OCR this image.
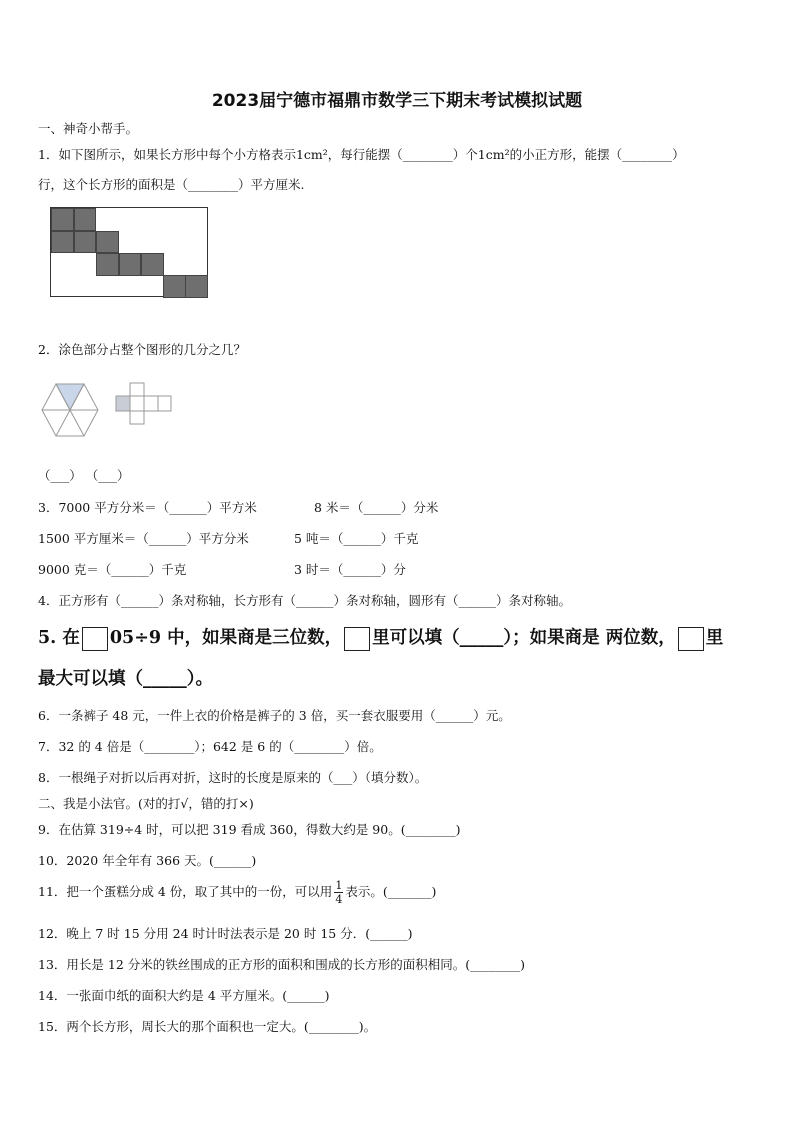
2023届宁德市福鼎市数学三下期末考试模拟试题
一、神奇小帮手。
1．如下图所示，如果长方形中每个小方格表示1cm²，每行能摆（________）个1cm²的小正方形，能摆（________）
行，这个长方形的面积是（________）平方厘米.
2．涂色部分占整个图形的几分之几？
（___） （___）
3．7000 平方分米＝（______）平方米	8 米＝（______）分米
1500 平方厘米＝（______）平方分米	5 吨＝（______）千克
9000 克＝（______）千克	3 时＝（______）分
4．正方形有（______）条对称轴，长方形有（______）条对称轴，圆形有（______）条对称轴。
5. 在 05÷9 中，如果商是三位数， 里可以填（_____）；如果商是 两位数， 里
最大可以填（_____）。
6．一条裤子 48 元，一件上衣的价格是裤子的 3 倍，买一套衣服要用（______）元。
7．32 的 4 倍是（________）；642 是 6 的（________）倍。
8．一根绳子对折以后再对折，这时的长度是原来的（___）（填分数）。
二、我是小法官。(对的打√，错的打×)
9．在估算 319÷4 时，可以把 319 看成 360，得数大约是 90。(________)
10．2020 年全年有 366 天。(______)
11．把一个蛋糕分成 4 份，取了其中的一份，可以用 $\frac{1}{4}$ 表示。(_______)
12．晚上 7 时 15 分用 24 时计时法表示是 20 时 15 分．(______)
13．用长是 12 分米的铁丝围成的正方形的面积和围成的长方形的面积相同。(________)
14．一张面巾纸的面积大约是 4 平方厘米。(______)
15．两个长方形，周长大的那个面积也一定大。(________)。
